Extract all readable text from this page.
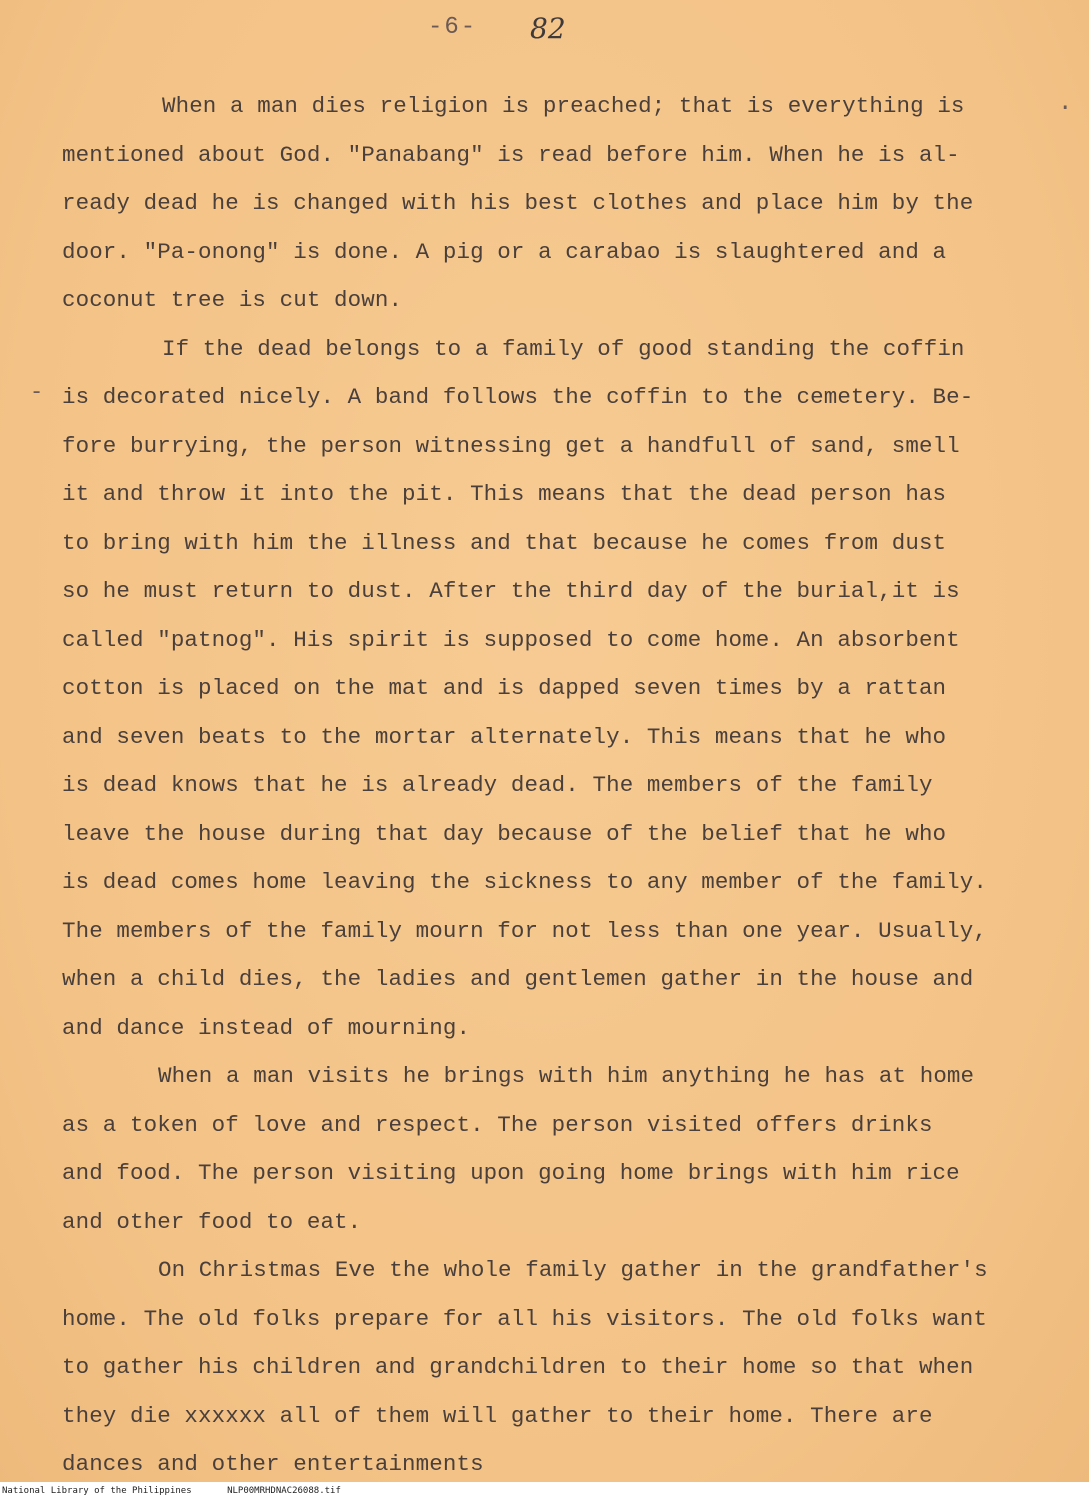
-6- 82
.
-
When a man dies religion is preached; that is everything is
mentioned about God. "Panabang" is read before him. When he is al-
ready dead he is changed with his best clothes and place him by the
door. "Pa-onong" is done. A pig or a carabao is slaughtered and a
coconut tree is cut down.
If the dead belongs to a family of good standing the coffin
is decorated nicely. A band follows the coffin to the cemetery. Be-
fore burrying, the person witnessing get a handfull of sand, smell
it and throw it into the pit. This means that the dead person has
to bring with him the illness and that because he comes from dust
so he must return to dust. After the third day of the burial,it is
called "patnog". His spirit is supposed to come home. An absorbent
cotton is placed on the mat and is dapped seven times by a rattan
and seven beats to the mortar alternately. This means that he who
is dead knows that he is already dead. The members of the family
leave the house during that day because of the belief that he who
is dead comes home leaving the sickness to any member of the family.
The members of the family mourn for not less than one year. Usually,
when a child dies, the ladies and gentlemen gather in the house and
and dance instead of mourning.
When a man visits he brings with him anything he has at home
as a token of love and respect. The person visited offers drinks
and food. The person visiting upon going home brings with him rice
and other food to eat.
On Christmas Eve the whole family gather in the grandfather's
home. The old folks prepare for all his visitors. The old folks want
to gather his children and grandchildren to their home so that when
they die xxxxxx all of them will gather to their home. There are
dances and other entertainments
National Library of the Philippines	NLP00MRHDNAC26088.tif
